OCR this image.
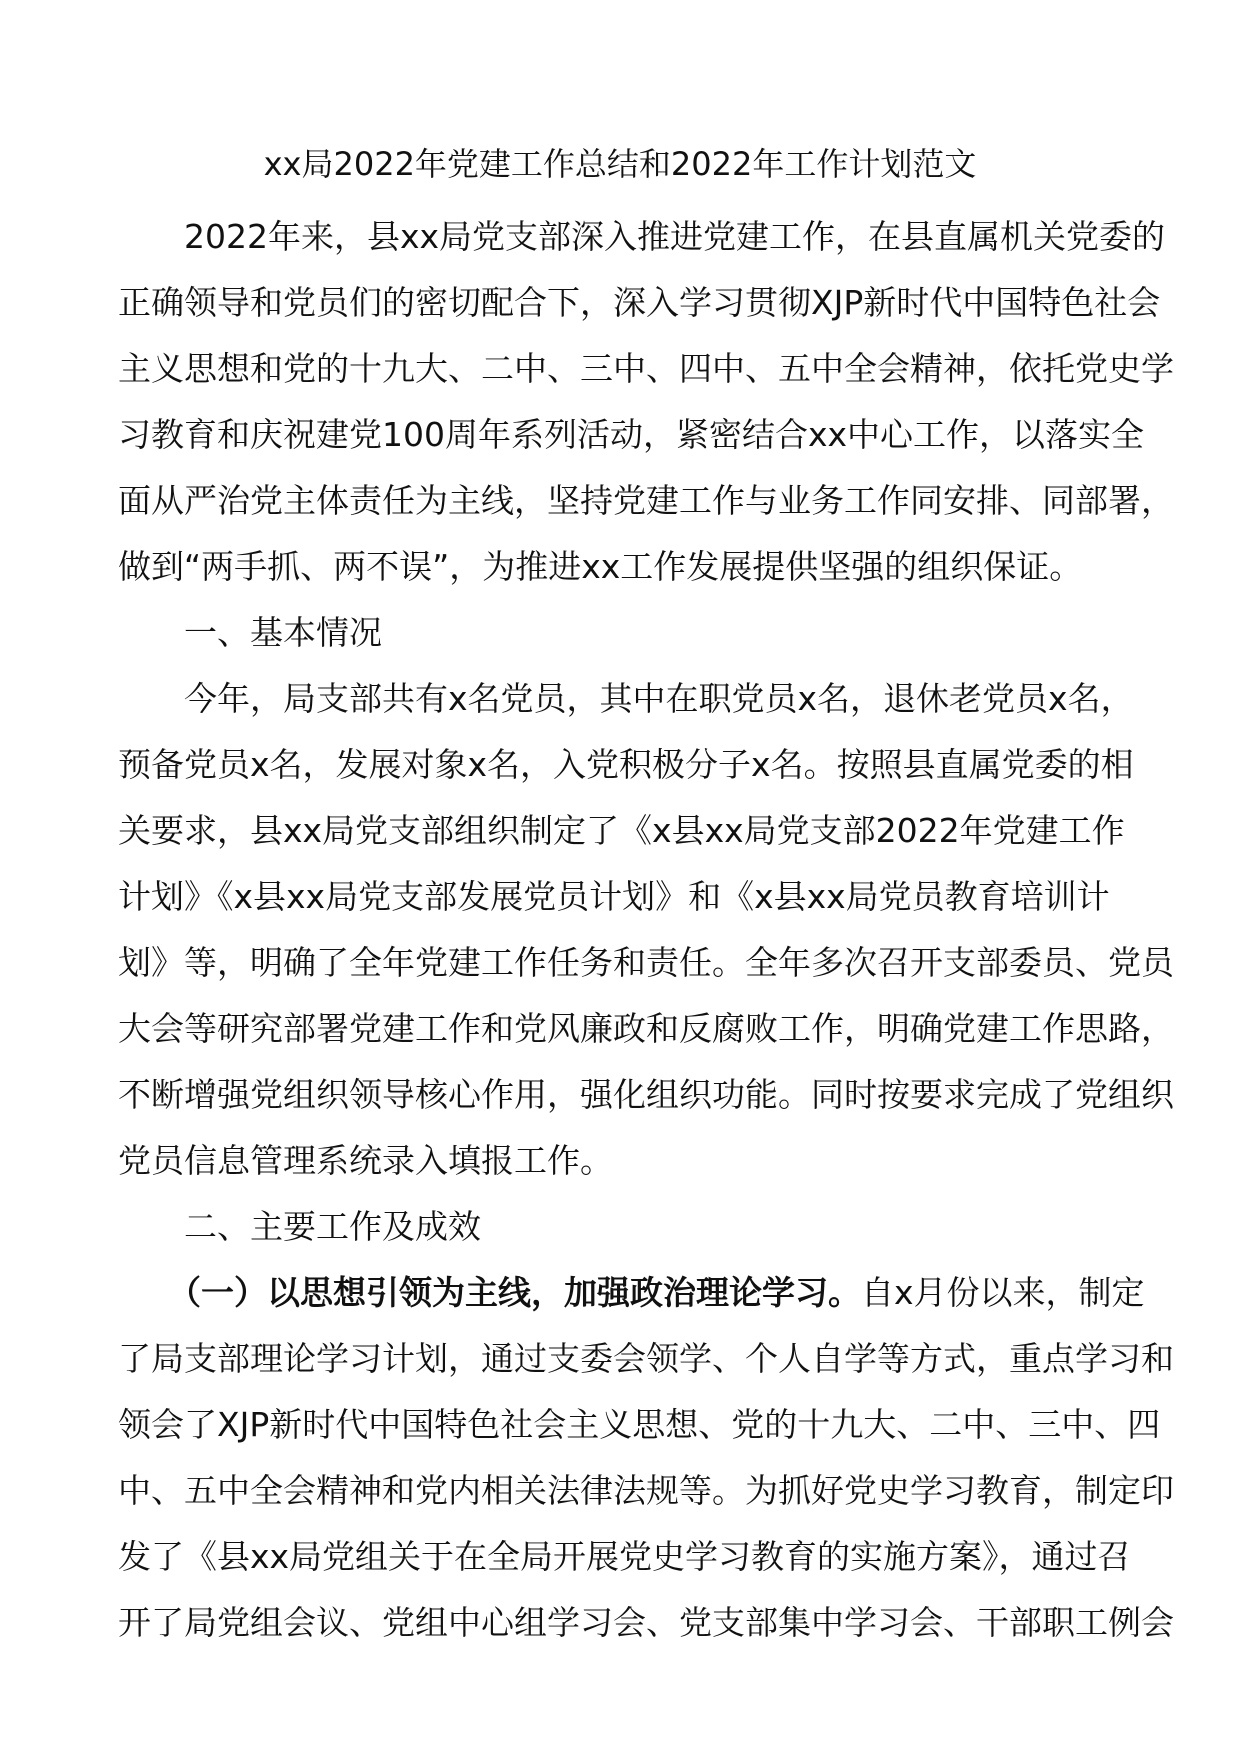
xx局2022年党建工作总结和2022年工作计划范文
2022年来，县xx局党支部深入推进党建工作，在县直属机关党委的
正确领导和党员们的密切配合下，深入学习贯彻XJP新时代中国特色社会
主义思想和党的十九大、二中、三中、四中、五中全会精神，依托党史学
习教育和庆祝建党100周年系列活动，紧密结合xx中心工作，以落实全
面从严治党主体责任为主线，坚持党建工作与业务工作同安排、同部署，
做到“两手抓、两不误”，为推进xx工作发展提供坚强的组织保证。
一、基本情况
今年，局支部共有x名党员，其中在职党员x名，退休老党员x名，
预备党员x名，发展对象x名，入党积极分子x名。按照县直属党委的相
关要求，县xx局党支部组织制定了《x县xx局党支部2022年党建工作
计划》《x县xx局党支部发展党员计划》和《x县xx局党员教育培训计
划》等，明确了全年党建工作任务和责任。全年多次召开支部委员、党员
大会等研究部署党建工作和党风廉政和反腐败工作，明确党建工作思路，
不断增强党组织领导核心作用，强化组织功能。同时按要求完成了党组织
党员信息管理系统录入填报工作。
二、主要工作及成效
（一）以思想引领为主线，加强政治理论学习。自x月份以来，制定
了局支部理论学习计划，通过支委会领学、个人自学等方式，重点学习和
领会了XJP新时代中国特色社会主义思想、党的十九大、二中、三中、四
中、五中全会精神和党内相关法律法规等。为抓好党史学习教育，制定印
发了《县xx局党组关于在全局开展党史学习教育的实施方案》，通过召
开了局党组会议、党组中心组学习会、党支部集中学习会、干部职工例会
